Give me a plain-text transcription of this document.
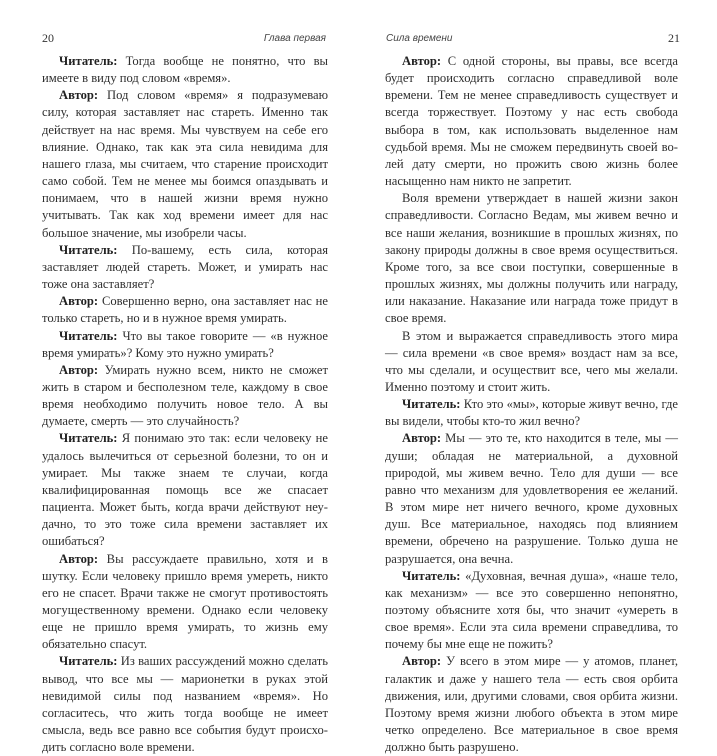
20	Глава первая

Читатель: Тогда вообще не понятно, что вы имеете в виду под словом «время».

Автор: Под словом «время» я подразумеваю силу, которая заставляет нас стареть. Именно так действует на нас время. Мы чувствуем на себе его влияние. Однако, так как эта сила невидима для нашего глаза, мы считаем, что старение происходит само собой. Тем не менее мы боимся опаздывать и понимаем, что в нашей жизни время нужно учитывать. Так как ход времени имеет для нас большое значение, мы изобрели часы.

Читатель: По-вашему, есть сила, которая заставляет людей стареть. Может, и умирать нас тоже она заставляет?

Автор: Совершенно верно, она заставляет нас не только стареть, но и в нужное время умирать.

Читатель: Что вы такое говорите — «в нужное время умирать»? Кому это нужно умирать?

Автор: Умирать нужно всем, никто не сможет жить в старом и бесполезном теле, каждому в свое время необходимо получить новое тело. А вы думаете, смерть — это случайность?

Читатель: Я понимаю это так: если человеку не удалось вылечиться от серьезной болезни, то он и умирает. Мы также знаем те случаи, когда квалифицированная помощь все же спасает пациента. Может быть, когда врачи действуют неудачно, то это тоже сила времени заставляет их ошибаться?

Автор: Вы рассуждаете правильно, хотя и в шутку. Если человеку пришло время умереть, никто его не спасет. Врачи также не смогут противостоять могущественному времени. Однако если человеку еще не пришло время умирать, то жизнь ему обязательно спасут.

Читатель: Из ваших рассуждений можно сделать вывод, что все мы — марионетки в руках этой невидимой силы под названием «время». Но согласитесь, что жить тогда вообще не имеет смысла, ведь все равно все события будут происходить согласно воле времени.

Сила времени	21

Автор: С одной стороны, вы правы, все всегда будет происходить согласно справедливой воле времени. Тем не менее справедливость существует и всегда торжествует. Поэтому у нас есть свобода выбора в том, как использовать выделенное нам судьбой время. Мы не сможем передвинуть своей волей дату смерти, но прожить свою жизнь более насыщенно нам никто не запретит.

Воля времени утверждает в нашей жизни закон справедливости. Согласно Ведам, мы живем вечно и все наши желания, возникшие в прошлых жизнях, по закону природы должны в свое время осуществиться. Кроме того, за все свои поступки, совершенные в прошлых жизнях, мы должны получить или награду, или наказание. Наказание или награда тоже придут в свое время.

В этом и выражается справедливость этого мира — сила времени «в свое время» воздаст нам за все, что мы сделали, и осуществит все, чего мы желали. Именно поэтому и стоит жить.

Читатель: Кто это «мы», которые живут вечно, где вы видели, чтобы кто-то жил вечно?

Автор: Мы — это те, кто находится в теле, мы — души; обладая не материальной, а духовной природой, мы живем вечно. Тело для души — все равно что механизм для удовлетворения ее желаний. В этом мире нет ничего вечного, кроме духовных душ. Все материальное, находясь под влиянием времени, обречено на разрушение. Только душа не разрушается, она вечна.

Читатель: «Духовная, вечная душа», «наше тело, как механизм» — все это совершенно непонятно, поэтому объясните хотя бы, что значит «умереть в свое время». Если эта сила времени справедлива, то почему бы мне еще не пожить?

Автор: У всего в этом мире — у атомов, планет, галактик и даже у нашего тела — есть своя орбита движения, или, другими словами, своя орбита жизни. Поэтому время жизни любого объекта в этом мире четко определено. Все материальное в свое время должно быть разрушено.
